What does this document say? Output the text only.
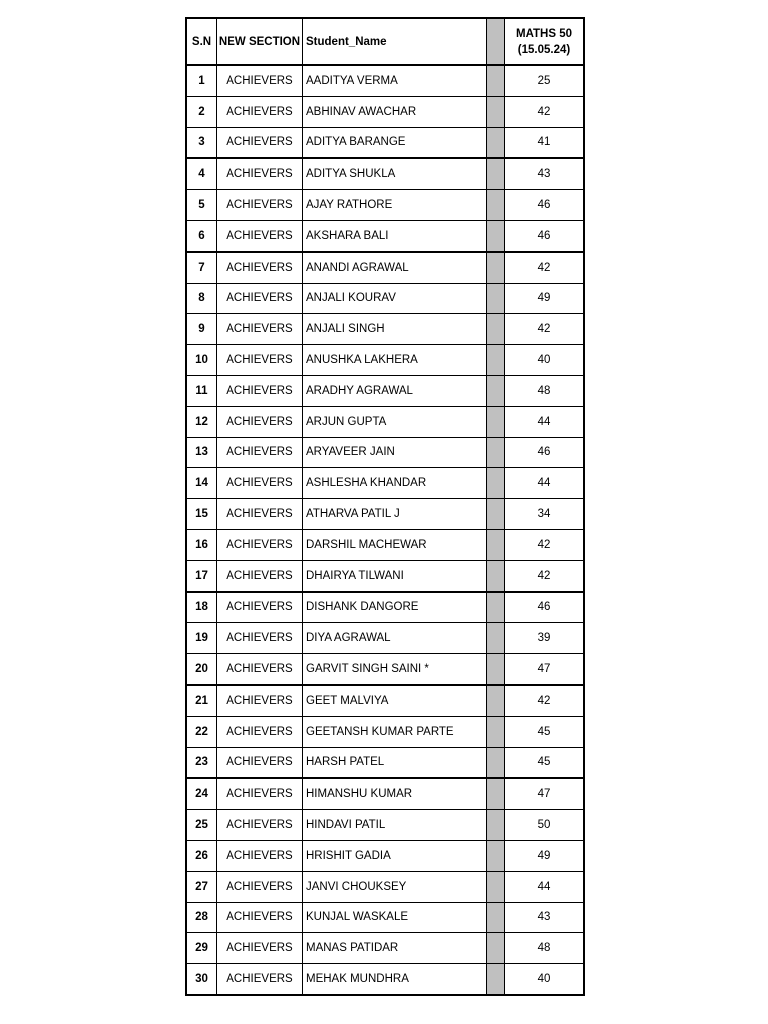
S.N	NEW SECTION	Student_Name		MATHS 50
(15.05.24)

1	ACHIEVERS	AADITYA VERMA		25
2	ACHIEVERS	ABHINAV AWACHAR		42
3	ACHIEVERS	ADITYA BARANGE		41
4	ACHIEVERS	ADITYA SHUKLA		43
5	ACHIEVERS	AJAY RATHORE		46
6	ACHIEVERS	AKSHARA BALI		46
7	ACHIEVERS	ANANDI AGRAWAL		42
8	ACHIEVERS	ANJALI KOURAV		49
9	ACHIEVERS	ANJALI SINGH		42
10	ACHIEVERS	ANUSHKA LAKHERA		40
11	ACHIEVERS	ARADHY AGRAWAL		48
12	ACHIEVERS	ARJUN GUPTA		44
13	ACHIEVERS	ARYAVEER JAIN		46
14	ACHIEVERS	ASHLESHA KHANDAR		44
15	ACHIEVERS	ATHARVA PATIL J		34
16	ACHIEVERS	DARSHIL MACHEWAR		42
17	ACHIEVERS	DHAIRYA TILWANI		42
18	ACHIEVERS	DISHANK DANGORE		46
19	ACHIEVERS	DIYA AGRAWAL		39
20	ACHIEVERS	GARVIT SINGH SAINI *		47
21	ACHIEVERS	GEET MALVIYA		42
22	ACHIEVERS	GEETANSH KUMAR PARTE		45
23	ACHIEVERS	HARSH PATEL		45
24	ACHIEVERS	HIMANSHU KUMAR		47
25	ACHIEVERS	HINDAVI PATIL		50
26	ACHIEVERS	HRISHIT GADIA		49
27	ACHIEVERS	JANVI CHOUKSEY		44
28	ACHIEVERS	KUNJAL WASKALE		43
29	ACHIEVERS	MANAS PATIDAR		48
30	ACHIEVERS	MEHAK MUNDHRA		40
